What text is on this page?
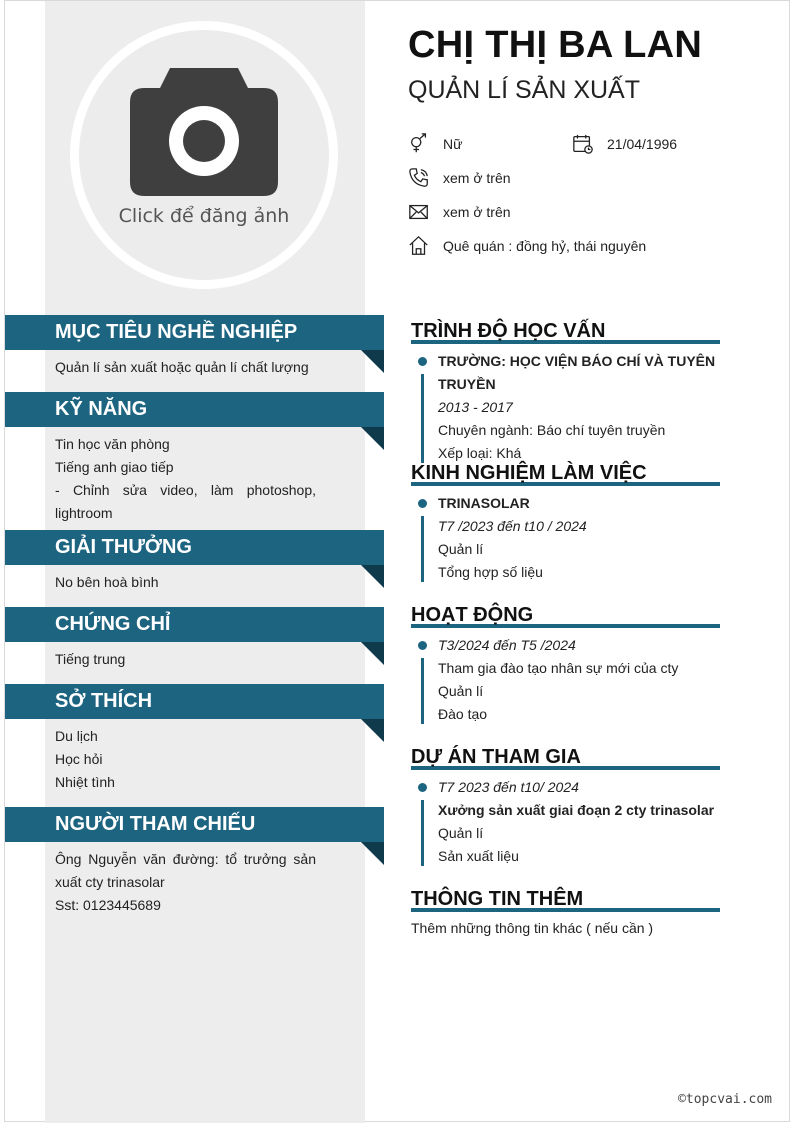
Click để đăng ảnh
CHỊ THỊ BA LAN
QUẢN LÍ SẢN XUẤT
Nữ	21/04/1996
xem ở trên
xem ở trên
Quê quán : đồng hỷ, thái nguyên
MỤC TIÊU NGHỀ NGHIỆP
Quản lí sản xuất hoặc quản lí chất lượng
KỸ NĂNG
Tin học văn phòng
Tiếng anh giao tiếp
- Chỉnh sửa video, làm photoshop, lightroom
GIẢI THƯỞNG
No bên hoà bình
CHỨNG CHỈ
Tiếng trung
SỞ THÍCH
Du lịch
Học hỏi
Nhiệt tình
NGƯỜI THAM CHIẾU
Ông Nguyễn văn đường: tổ trưởng sản xuất cty trinasolar
Sst: 0123445689
TRÌNH ĐỘ HỌC VẤN
TRƯỜNG: HỌC VIỆN BÁO CHÍ VÀ TUYÊN TRUYỀN
2013 - 2017
Chuyên ngành: Báo chí tuyên truyền
Xếp loại: Khá
KINH NGHIỆM LÀM VIỆC
TRINASOLAR
T7 /2023 đến t10 / 2024
Quản lí
Tổng hợp số liệu
HOẠT ĐỘNG
T3/2024 đến T5 /2024
Tham gia đào tạo nhân sự mới của cty
Quản lí
Đào tạo
DỰ ÁN THAM GIA
T7 2023 đến t10/ 2024
Xưởng sản xuất giai đoạn 2 cty trinasolar
Quản lí
Sản xuất liệu
THÔNG TIN THÊM
Thêm những thông tin khác ( nếu cần )
©topcvai.com
